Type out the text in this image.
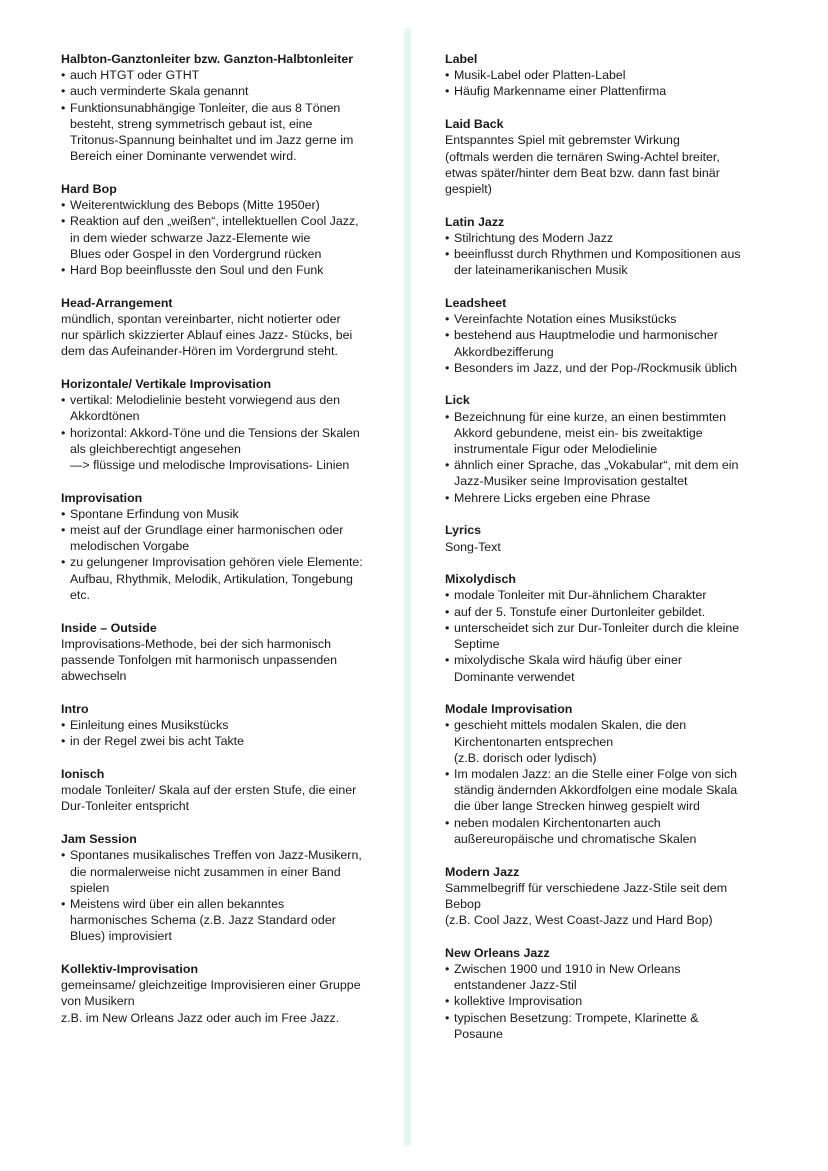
Halbton-Ganztonleiter bzw. Ganzton-Halbtonleiter
• auch HTGT oder GTHT
• auch verminderte Skala genannt
• Funktionsunabhängige Tonleiter, die aus 8 Tönen
besteht, streng symmetrisch gebaut ist, eine
Tritonus-Spannung beinhaltet und im Jazz gerne im
Bereich einer Dominante verwendet wird.
Hard Bop
• Weiterentwicklung des Bebops (Mitte 1950er)
• Reaktion auf den „weißen“, intellektuellen Cool Jazz,
in dem wieder schwarze Jazz-Elemente wie
Blues oder Gospel in den Vordergrund rücken
• Hard Bop beeinflusste den Soul und den Funk
Head-Arrangement
mündlich, spontan vereinbarter, nicht notierter oder
nur spärlich skizzierter Ablauf eines Jazz- Stücks, bei
dem das Aufeinander-Hören im Vordergrund steht.
Horizontale/ Vertikale Improvisation
• vertikal: Melodielinie besteht vorwiegend aus den
Akkordtönen
• horizontal: Akkord-Töne und die Tensions der Skalen
als gleichberechtigt angesehen
—> flüssige und melodische Improvisations- Linien
Improvisation
• Spontane Erfindung von Musik
• meist auf der Grundlage einer harmonischen oder
melodischen Vorgabe
• zu gelungener Improvisation gehören viele Elemente:
Aufbau, Rhythmik, Melodik, Artikulation, Tongebung
etc.
Inside – Outside
Improvisations-Methode, bei der sich harmonisch
passende Tonfolgen mit harmonisch unpassenden
abwechseln
Intro
• Einleitung eines Musikstücks
• in der Regel zwei bis acht Takte
Ionisch
modale Tonleiter/ Skala auf der ersten Stufe, die einer
Dur-Tonleiter entspricht
Jam Session
• Spontanes musikalisches Treffen von Jazz-Musikern,
die normalerweise nicht zusammen in einer Band
spielen
• Meistens wird über ein allen bekanntes
harmonisches Schema (z.B. Jazz Standard oder
Blues) improvisiert
Kollektiv-Improvisation
gemeinsame/ gleichzeitige Improvisieren einer Gruppe
von Musikern
z.B. im New Orleans Jazz oder auch im Free Jazz.
Label
• Musik-Label oder Platten-Label
• Häufig Markenname einer Plattenfirma
Laid Back
Entspanntes Spiel mit gebremster Wirkung
(oftmals werden die ternären Swing-Achtel breiter,
etwas später/hinter dem Beat bzw. dann fast binär
gespielt)
Latin Jazz
• Stilrichtung des Modern Jazz
• beeinflusst durch Rhythmen und Kompositionen aus
der lateinamerikanischen Musik
Leadsheet
• Vereinfachte Notation eines Musikstücks
• bestehend aus Hauptmelodie und harmonischer
Akkordbezifferung
• Besonders im Jazz, und der Pop-/Rockmusik üblich
Lick
• Bezeichnung für eine kurze, an einen bestimmten
Akkord gebundene, meist ein- bis zweitaktige
instrumentale Figur oder Melodielinie
• ähnlich einer Sprache, das „Vokabular“, mit dem ein
Jazz-Musiker seine Improvisation gestaltet
• Mehrere Licks ergeben eine Phrase
Lyrics
Song-Text
Mixolydisch
• modale Tonleiter mit Dur-ähnlichem Charakter
• auf der 5. Tonstufe einer Durtonleiter gebildet.
• unterscheidet sich zur Dur-Tonleiter durch die kleine
Septime
• mixolydische Skala wird häufig über einer
Dominante verwendet
Modale Improvisation
• geschieht mittels modalen Skalen, die den
Kirchentonarten entsprechen
(z.B. dorisch oder lydisch)
• Im modalen Jazz: an die Stelle einer Folge von sich
ständig ändernden Akkordfolgen eine modale Skala
die über lange Strecken hinweg gespielt wird
• neben modalen Kirchentonarten auch
außereuropäische und chromatische Skalen
Modern Jazz
Sammelbegriff für verschiedene Jazz-Stile seit dem
Bebop
(z.B. Cool Jazz, West Coast-Jazz und Hard Bop)
New Orleans Jazz
• Zwischen 1900 und 1910 in New Orleans
entstandener Jazz-Stil
• kollektive Improvisation
• typischen Besetzung: Trompete, Klarinette &
Posaune
